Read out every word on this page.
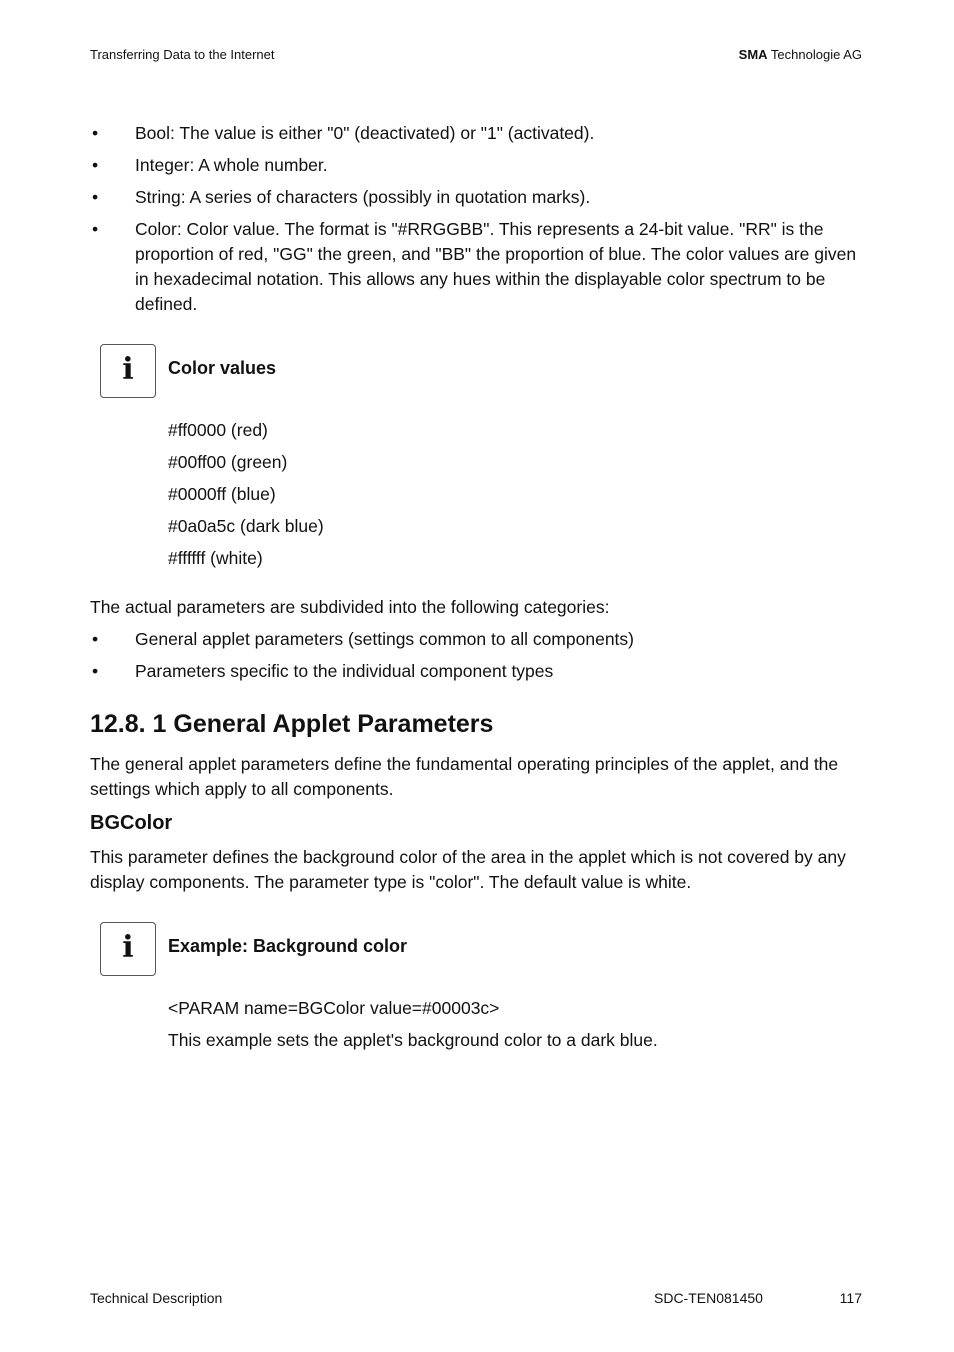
Transferring Data to the Internet	SMA Technologie AG
• Bool: The value is either "0" (deactivated) or "1" (activated).
• Integer: A whole number.
• String: A series of characters (possibly in quotation marks).
• Color: Color value. The format is "#RRGGBB". This represents a 24-bit value. "RR" is the proportion of red, "GG" the green, and "BB" the proportion of blue. The color values are given in hexadecimal notation. This allows any hues within the displayable color spectrum to be defined.
i	Color values
#ff0000 (red)
#00ff00 (green)
#0000ff (blue)
#0a0a5c (dark blue)
#ffffff (white)
The actual parameters are subdivided into the following categories:
• General applet parameters (settings common to all components)
• Parameters specific to the individual component types
12.8. 1 General Applet Parameters
The general applet parameters define the fundamental operating principles of the applet, and the settings which apply to all components.
BGColor
This parameter defines the background color of the area in the applet which is not covered by any display components. The parameter type is "color". The default value is white.
i	Example: Background color
<PARAM name=BGColor value=#00003c>
This example sets the applet's background color to a dark blue.
Technical Description	SDC-TEN081450	117
